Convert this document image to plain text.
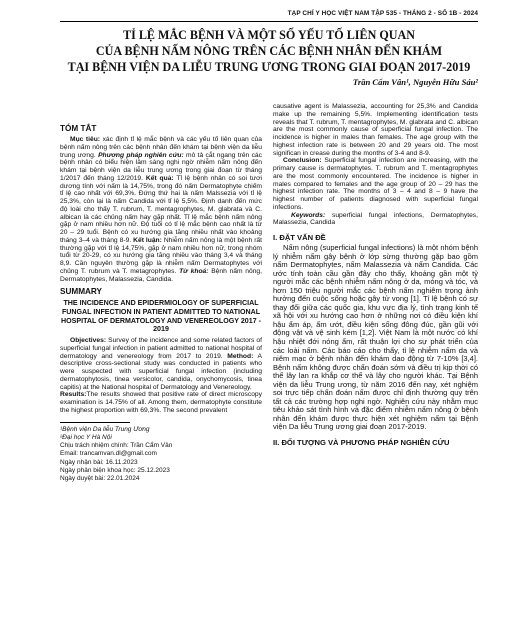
TẠP CHÍ Y HỌC VIỆT NAM TẬP 535 - THÁNG 2 - SỐ 1B - 2024
TỈ LỆ MẮC BỆNH VÀ MỘT SỐ YẾU TỐ LIÊN QUAN
CỦA BỆNH NẤM NÔNG TRÊN CÁC BỆNH NHÂN ĐẾN KHÁM
TẠI BỆNH VIỆN DA LIỄU TRUNG ƯƠNG TRONG GIAI ĐOẠN 2017-2019
Trần Cẩm Vân¹, Nguyễn Hữu Sáu²
TÓM TẮT

Mục tiêu: xác định tỉ lệ mắc bệnh và các yếu tố liên quan của bệnh nấm nông trên các bệnh nhân đến khám tại bệnh viện da liễu trung ương. Phương pháp nghiên cứu: mô tả cắt ngang trên các bệnh nhân có biểu hiện lâm sàng nghi ngờ nhiễm nấm nông đến khám tại bệnh viện da liễu trung ương trong giai đoạn từ tháng 1/2017 đến tháng 12/2019. Kết quả: Tỉ lệ bệnh nhân có soi tươi dương tính với nấm là 14,75%, trong đó nấm Dermatophyte chiếm tỉ lệ cao nhất với 69,3%. Đứng thứ hai là nấm Malssezia với tỉ lệ 25,3%, còn lại là nấm Candida với tỉ lệ 5,5%. Định danh đến mức độ loài cho thấy T. rubrum, T. mentagrophytes, M. glabrata và C. albican là các chủng nấm hay gặp nhất. Tỉ lệ mắc bệnh nấm nông gặp ở nam nhiều hơn nữ. Độ tuổi có tỉ lệ mắc bệnh cao nhất là từ 20 – 29 tuổi. Bệnh có xu hướng gia tăng nhiều nhất vào khoảng tháng 3–4 và tháng 8-9. Kết luận: Nhiễm nấm nông là một bệnh rất thường gặp với tỉ lệ 14,75%, gặp ở nam nhiều hơn nữ, trong nhóm tuổi từ 20-29, có xu hướng gia tăng nhiều vào tháng 3,4 và tháng 8,9. Cần nguyên thường gặp là nhiễm nấm Dermatophytes với chủng T. rubrum và T. metagrophytes. Từ khoá: Bệnh nấm nông, Dermatophytes, Malassezia, Candida.

SUMMARY
THE INCIDENCE AND EPIDERMIOLOGY OF SUPERFICIAL FUNGAL INFECTION IN PATIENT ADMITTED TO NATIONAL HOSPITAL OF DERMATOLOGY AND VENEREOLOGY 2017 - 2019

Objectives: Survey of the incidence and some related factors of superficial fungal infection in patient admitted to national hospital of dermatology and venereology from 2017 to 2019. Method: A descriptive cross-sectional study was conducted in patients who were suspected with superficial fungal infection (including dermatophytosis, tinea versicolor, candida, onychomycosis, tinea capitis) at the National hospital of Dermatology and Venereology.

Results:The results showed that positive rate of direct microscopy examination is 14.75% of all. Among them, dermatophyte constitute the highest proportion with 69,3%. The second prevalent

¹Bệnh viện Da liễu Trung Ương
²Đại học Y Hà Nội
Chịu trách nhiệm chính: Trần Cẩm Vân
Email: trancamvan.dl@gmail.com
Ngày nhận bài: 16.11.2023
Ngày phản biện khoa học: 25.12.2023
Ngày duyệt bài: 22.01.2024

causative agent is Malassezia, accounting for 25,3% and Candida make up the remaining 5,5%. Implementing identification tests reveals that T. rubrum, T. mentagrophytes, M. glabrata and C. albican are the most commonly cause of superficial fungal infection. The incidence is higher in males than females. The age group with the highest infection rate is between 20 and 29 years old. The most significan in crease during the months of 3-4 and 8-9.

Conclusion: Superficial fungal infection are increasing, with the primary cause is dermatophytes. T. rubrum and T. mentagrophytes are the most commonly encountered. The incidence is higher in males compared to females and the age group of 20 – 29 has the highest infection rate. The months of 3 – 4 and 8 – 9 have the highest number of patients diagnosed with superficial fungal infections.

Keywords: superficial fungal infections, Dermatophytes, Malassezia, Candida

I. ĐẶT VẤN ĐỀ

Nấm nông (superficial fungal infections) là một nhóm bệnh lý nhiễm nấm gây bệnh ở lớp sừng thường gặp bao gồm nấm Dermatophytes, nấm Malassezia và nấm Candida. Các ước tính toàn cầu gần đây cho thấy, khoảng gần một tỷ người mắc các bệnh nhiễm nấm nông ở da, móng và tóc, và hơn 150 triệu người mắc các bệnh nấm nghiêm trọng ảnh hưởng đến cuộc sống hoặc gây tử vong [1]. Tỉ lệ bệnh có sự thay đổi giữa các quốc gia, khu vực địa lý, tình trạng kinh tế xã hội với xu hướng cao hơn ở những nơi có điều kiện khí hậu ẩm áp, ẩm ướt, điều kiện sống đông đúc, gần gũi với động vật và vệ sinh kém [1,2]. Việt Nam là một nước có khí hậu nhiệt đới nóng ẩm, rất thuận lợi cho sự phát triển của các loài nấm. Các báo cáo cho thấy, tỉ lệ nhiễm nấm da và niêm mạc ở bệnh nhân đến khám dao động từ 7-10% [3,4]. Bệnh nấm không được chẩn đoán sớm và điều trị kịp thời có thể lây lan ra khắp cơ thể và lây cho người khác. Tại Bệnh viện da liễu Trung ương, từ năm 2016 đến nay, xét nghiệm soi trực tiếp chẩn đoán nấm được chỉ định thường quy trên tất cả các trường hợp nghi ngờ. Nghiên cứu này nhằm mục tiêu khảo sát tình hình và đặc điểm nhiễm nấm nông ở bệnh nhân đến khám được thực hiện xét nghiệm nấm tại Bệnh viện Da liễu Trung ương giai đoạn 2017-2019.

II. ĐỐI TƯỢNG VÀ PHƯƠNG PHÁP NGHIÊN CỨU
